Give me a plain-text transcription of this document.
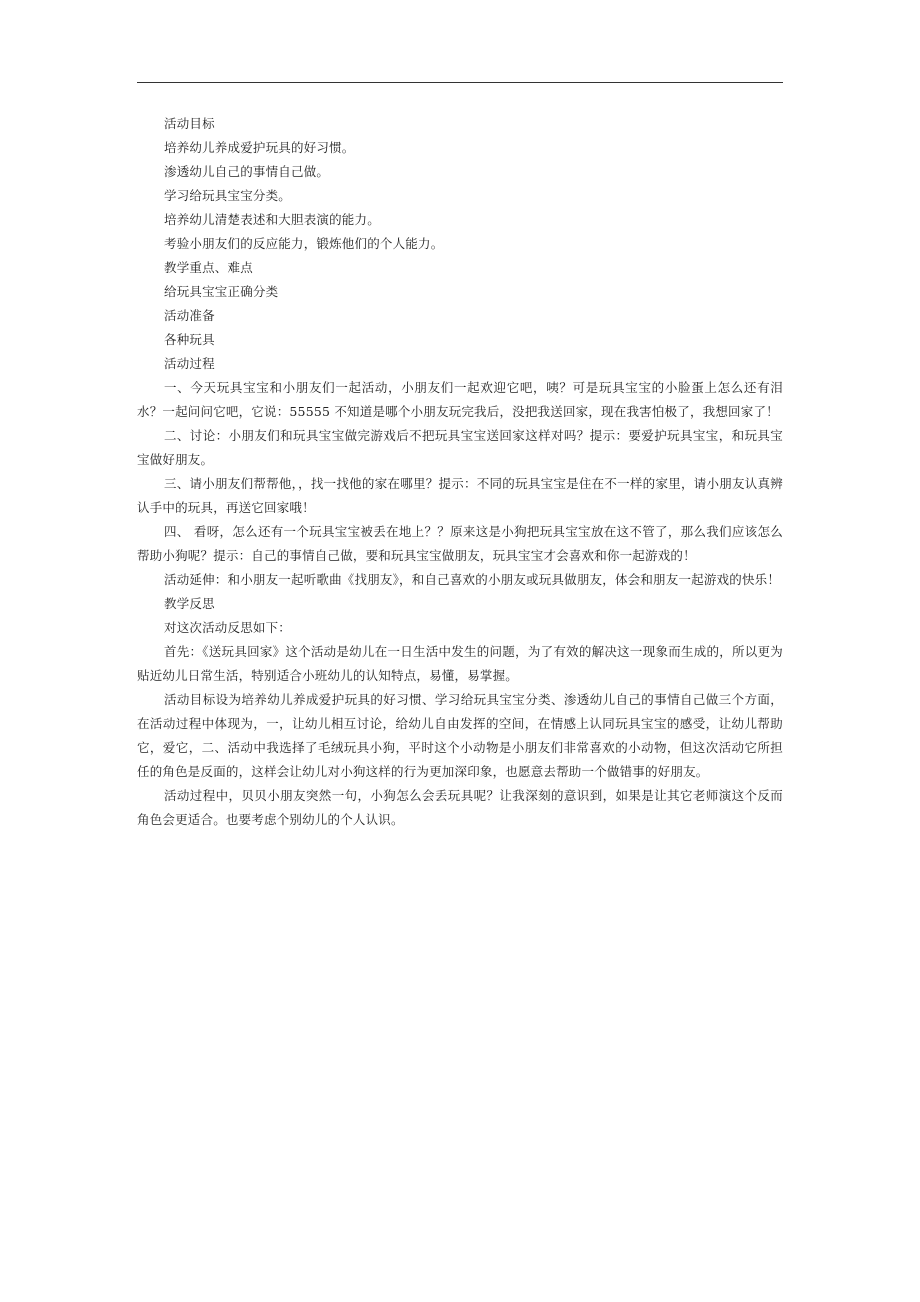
活动目标

培养幼儿养成爱护玩具的好习惯。

渗透幼儿自己的事情自己做。

学习给玩具宝宝分类。

培养幼儿清楚表述和大胆表演的能力。

考验小朋友们的反应能力，锻炼他们的个人能力。

教学重点、难点

给玩具宝宝正确分类

活动准备

各种玩具

活动过程

一、今天玩具宝宝和小朋友们一起活动，小朋友们一起欢迎它吧，咦？可是玩具宝宝的小脸蛋上怎么还有泪水？一起问问它吧，它说：55555 不知道是哪个小朋友玩完我后，没把我送回家，现在我害怕极了，我想回家了！

二、讨论：小朋友们和玩具宝宝做完游戏后不把玩具宝宝送回家这样对吗？提示：要爱护玩具宝宝，和玩具宝宝做好朋友。

三、请小朋友们帮帮他，，找一找他的家在哪里？提示：不同的玩具宝宝是住在不一样的家里，请小朋友认真辨认手中的玩具，再送它回家哦！

四、 看呀，怎么还有一个玩具宝宝被丢在地上？？原来这是小狗把玩具宝宝放在这不管了，那么我们应该怎么帮助小狗呢？提示：自己的事情自己做，要和玩具宝宝做朋友，玩具宝宝才会喜欢和你一起游戏的！

活动延伸：和小朋友一起听歌曲《找朋友》，和自己喜欢的小朋友或玩具做朋友，体会和朋友一起游戏的快乐！

教学反思

对这次活动反思如下：

首先：《送玩具回家》这个活动是幼儿在一日生活中发生的问题，为了有效的解决这一现象而生成的，所以更为贴近幼儿日常生活，特别适合小班幼儿的认知特点，易懂，易掌握。

活动目标设为培养幼儿养成爱护玩具的好习惯、学习给玩具宝宝分类、渗透幼儿自己的事情自己做三个方面，在活动过程中体现为，一，让幼儿相互讨论，给幼儿自由发挥的空间，在情感上认同玩具宝宝的感受，让幼儿帮助它，爱它，二、活动中我选择了毛绒玩具小狗，平时这个小动物是小朋友们非常喜欢的小动物，但这次活动它所担任的角色是反面的，这样会让幼儿对小狗这样的行为更加深印象，也愿意去帮助一个做错事的好朋友。

活动过程中，贝贝小朋友突然一句，小狗怎么会丢玩具呢？让我深刻的意识到，如果是让其它老师演这个反而角色会更适合。也要考虑个别幼儿的个人认识。
